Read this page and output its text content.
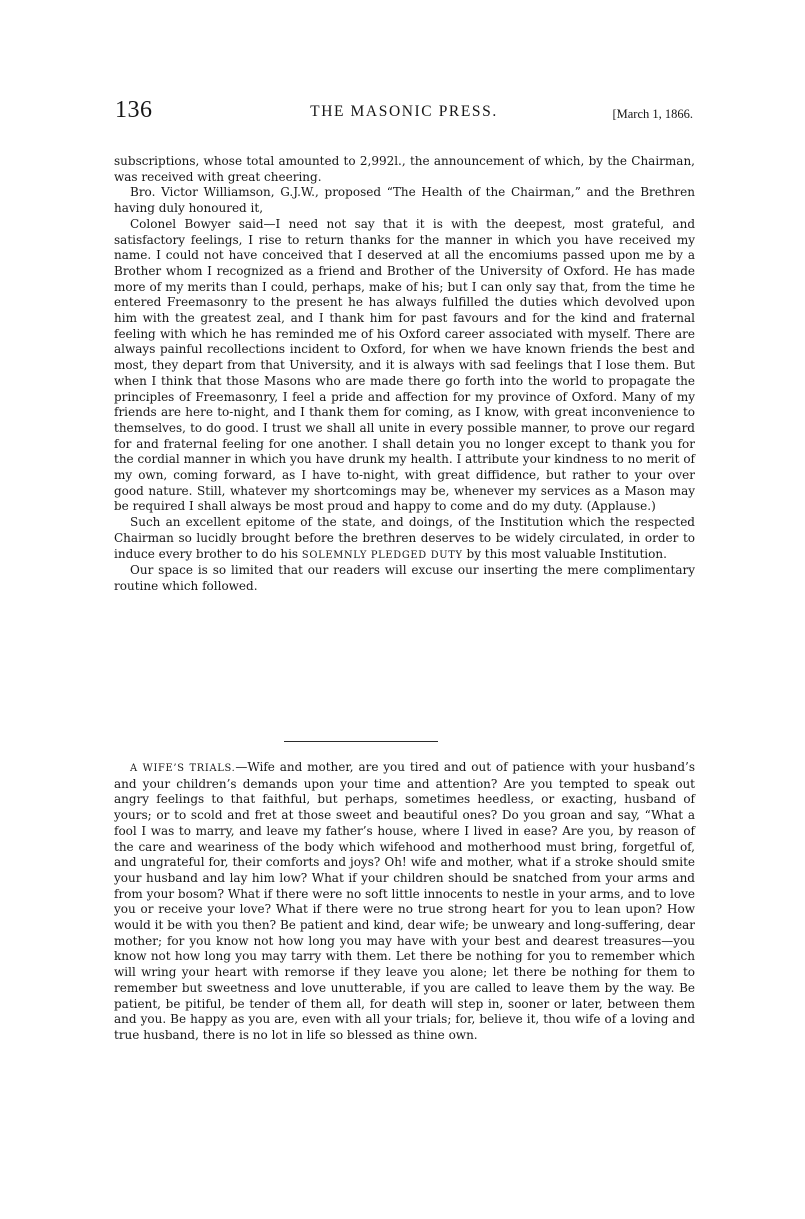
136	THE MASONIC PRESS.	[March 1, 1866.

subscriptions, whose total amounted to 2,992l., the announcement of which, by the Chairman, was received with great cheering.

Bro. Victor Williamson, G.J.W., proposed “The Health of the Chairman,” and the Brethren having duly honoured it,

Colonel Bowyer said—I need not say that it is with the deepest, most grateful, and satisfactory feelings, I rise to return thanks for the manner in which you have received my name. I could not have conceived that I deserved at all the encomiums passed upon me by a Brother whom I recognized as a friend and Brother of the University of Oxford. He has made more of my merits than I could, perhaps, make of his; but I can only say that, from the time he entered Freemasonry to the present he has always fulfilled the duties which devolved upon him with the greatest zeal, and I thank him for past favours and for the kind and fraternal feeling with which he has reminded me of his Oxford career associated with myself. There are always painful recollections incident to Oxford, for when we have known friends the best and most, they depart from that University, and it is always with sad feelings that I lose them. But when I think that those Masons who are made there go forth into the world to propagate the principles of Freemasonry, I feel a pride and affection for my province of Oxford. Many of my friends are here to-night, and I thank them for coming, as I know, with great inconvenience to themselves, to do good. I trust we shall all unite in every possible manner, to prove our regard for and fraternal feeling for one another. I shall detain you no longer except to thank you for the cordial manner in which you have drunk my health. I attribute your kindness to no merit of my own, coming forward, as I have to-night, with great diffidence, but rather to your over good nature. Still, whatever my shortcomings may be, whenever my services as a Mason may be required I shall always be most proud and happy to come and do my duty. (Applause.)

Such an excellent epitome of the state, and doings, of the Institution which the respected Chairman so lucidly brought before the brethren deserves to be widely circulated, in order to induce every brother to do his SOLEMNLY PLEDGED DUTY by this most valuable Institution.

Our space is so limited that our readers will excuse our inserting the mere complimentary routine which followed.

A WIFE’S TRIALS.—Wife and mother, are you tired and out of patience with your husband’s and your children’s demands upon your time and attention? Are you tempted to speak out angry feelings to that faithful, but perhaps, sometimes heedless, or exacting, husband of yours; or to scold and fret at those sweet and beautiful ones? Do you groan and say, “What a fool I was to marry, and leave my father’s house, where I lived in ease? Are you, by reason of the care and weariness of the body which wifehood and motherhood must bring, forgetful of, and ungrateful for, their comforts and joys? Oh! wife and mother, what if a stroke should smite your husband and lay him low? What if your children should be snatched from your arms and from your bosom? What if there were no soft little innocents to nestle in your arms, and to love you or receive your love? What if there were no true strong heart for you to lean upon? How would it be with you then? Be patient and kind, dear wife; be unweary and long-suffering, dear mother; for you know not how long you may have with your best and dearest treasures—you know not how long you may tarry with them. Let there be nothing for you to remember which will wring your heart with remorse if they leave you alone; let there be nothing for them to remember but sweetness and love unutterable, if you are called to leave them by the way. Be patient, be pitiful, be tender of them all, for death will step in, sooner or later, between them and you. Be happy as you are, even with all your trials; for, believe it, thou wife of a loving and true husband, there is no lot in life so blessed as thine own.
